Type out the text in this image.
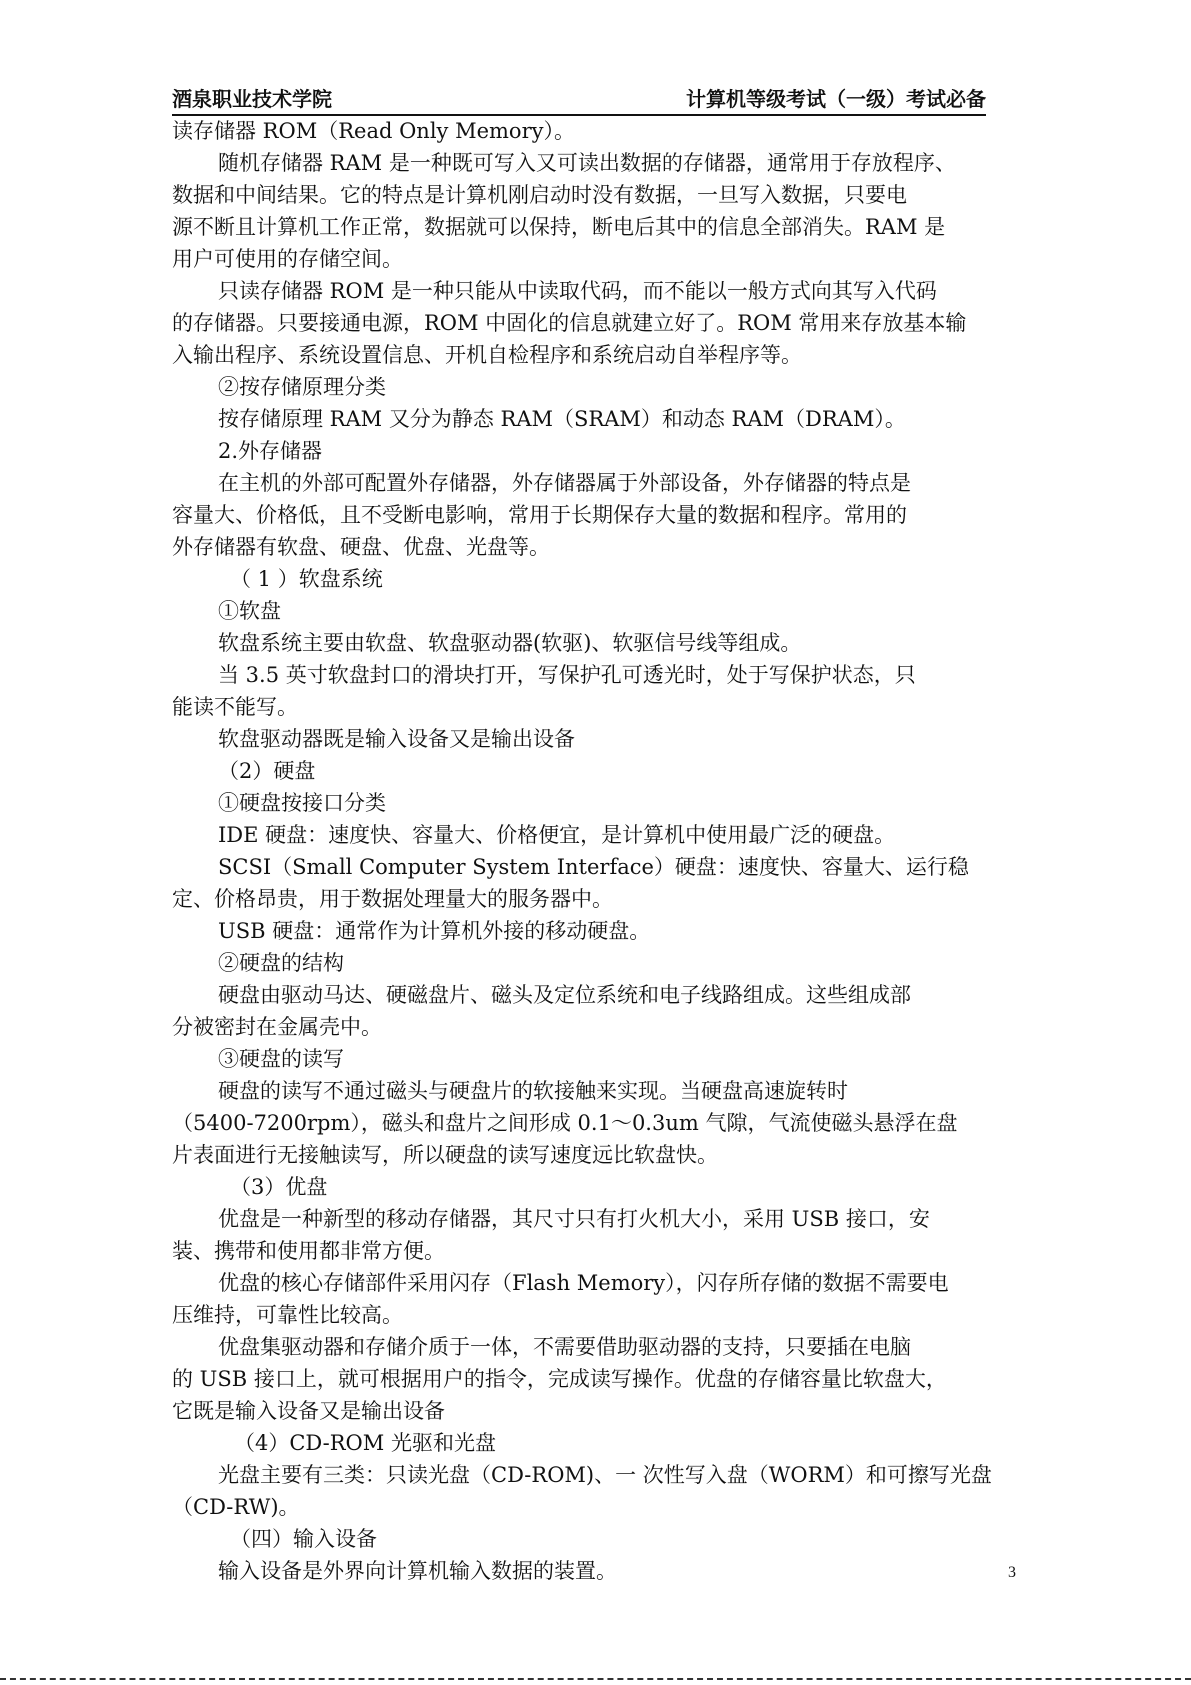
酒泉职业技术学院	计算机等级考试（一级）考试必备
读存储器 ROM（Read Only Memory）。
随机存储器 RAM 是一种既可写入又可读出数据的存储器，通常用于存放程序、
数据和中间结果。它的特点是计算机刚启动时没有数据，一旦写入数据，只要电
源不断且计算机工作正常，数据就可以保持，断电后其中的信息全部消失。RAM 是
用户可使用的存储空间。
只读存储器 ROM 是一种只能从中读取代码，而不能以一般方式向其写入代码
的存储器。只要接通电源，ROM 中固化的信息就建立好了。ROM 常用来存放基本输
入输出程序、系统设置信息、开机自检程序和系统启动自举程序等。
②按存储原理分类
按存储原理 RAM 又分为静态 RAM（SRAM）和动态 RAM（DRAM）。
2.外存储器
在主机的外部可配置外存储器，外存储器属于外部设备，外存储器的特点是
容量大、价格低，且不受断电影响，常用于长期保存大量的数据和程序。常用的
外存储器有软盘、硬盘、优盘、光盘等。
（ 1 ）软盘系统
①软盘
软盘系统主要由软盘、软盘驱动器(软驱)、软驱信号线等组成。
当 3.5 英寸软盘封口的滑块打开，写保护孔可透光时，处于写保护状态，只
能读不能写。
软盘驱动器既是输入设备又是输出设备
（2）硬盘
①硬盘按接口分类
IDE 硬盘：速度快、容量大、价格便宜，是计算机中使用最广泛的硬盘。
SCSI（Small Computer System Interface）硬盘：速度快、容量大、运行稳
定、价格昂贵，用于数据处理量大的服务器中。
USB 硬盘：通常作为计算机外接的移动硬盘。
②硬盘的结构
硬盘由驱动马达、硬磁盘片、磁头及定位系统和电子线路组成。这些组成部
分被密封在金属壳中。
③硬盘的读写
硬盘的读写不通过磁头与硬盘片的软接触来实现。当硬盘高速旋转时
（5400-7200rpm），磁头和盘片之间形成 0.1～0.3um 气隙，气流使磁头悬浮在盘
片表面进行无接触读写，所以硬盘的读写速度远比软盘快。
（3）优盘
优盘是一种新型的移动存储器，其尺寸只有打火机大小，采用 USB 接口，安
装、携带和使用都非常方便。
优盘的核心存储部件采用闪存（Flash Memory），闪存所存储的数据不需要电
压维持，可靠性比较高。
优盘集驱动器和存储介质于一体，不需要借助驱动器的支持，只要插在电脑
的 USB 接口上，就可根据用户的指令，完成读写操作。优盘的存储容量比软盘大，
它既是输入设备又是输出设备
（4）CD-ROM 光驱和光盘
光盘主要有三类：只读光盘（CD-ROM)、一 次性写入盘（WORM）和可擦写光盘
（CD-RW)。
（四）输入设备
输入设备是外界向计算机输入数据的装置。	3
